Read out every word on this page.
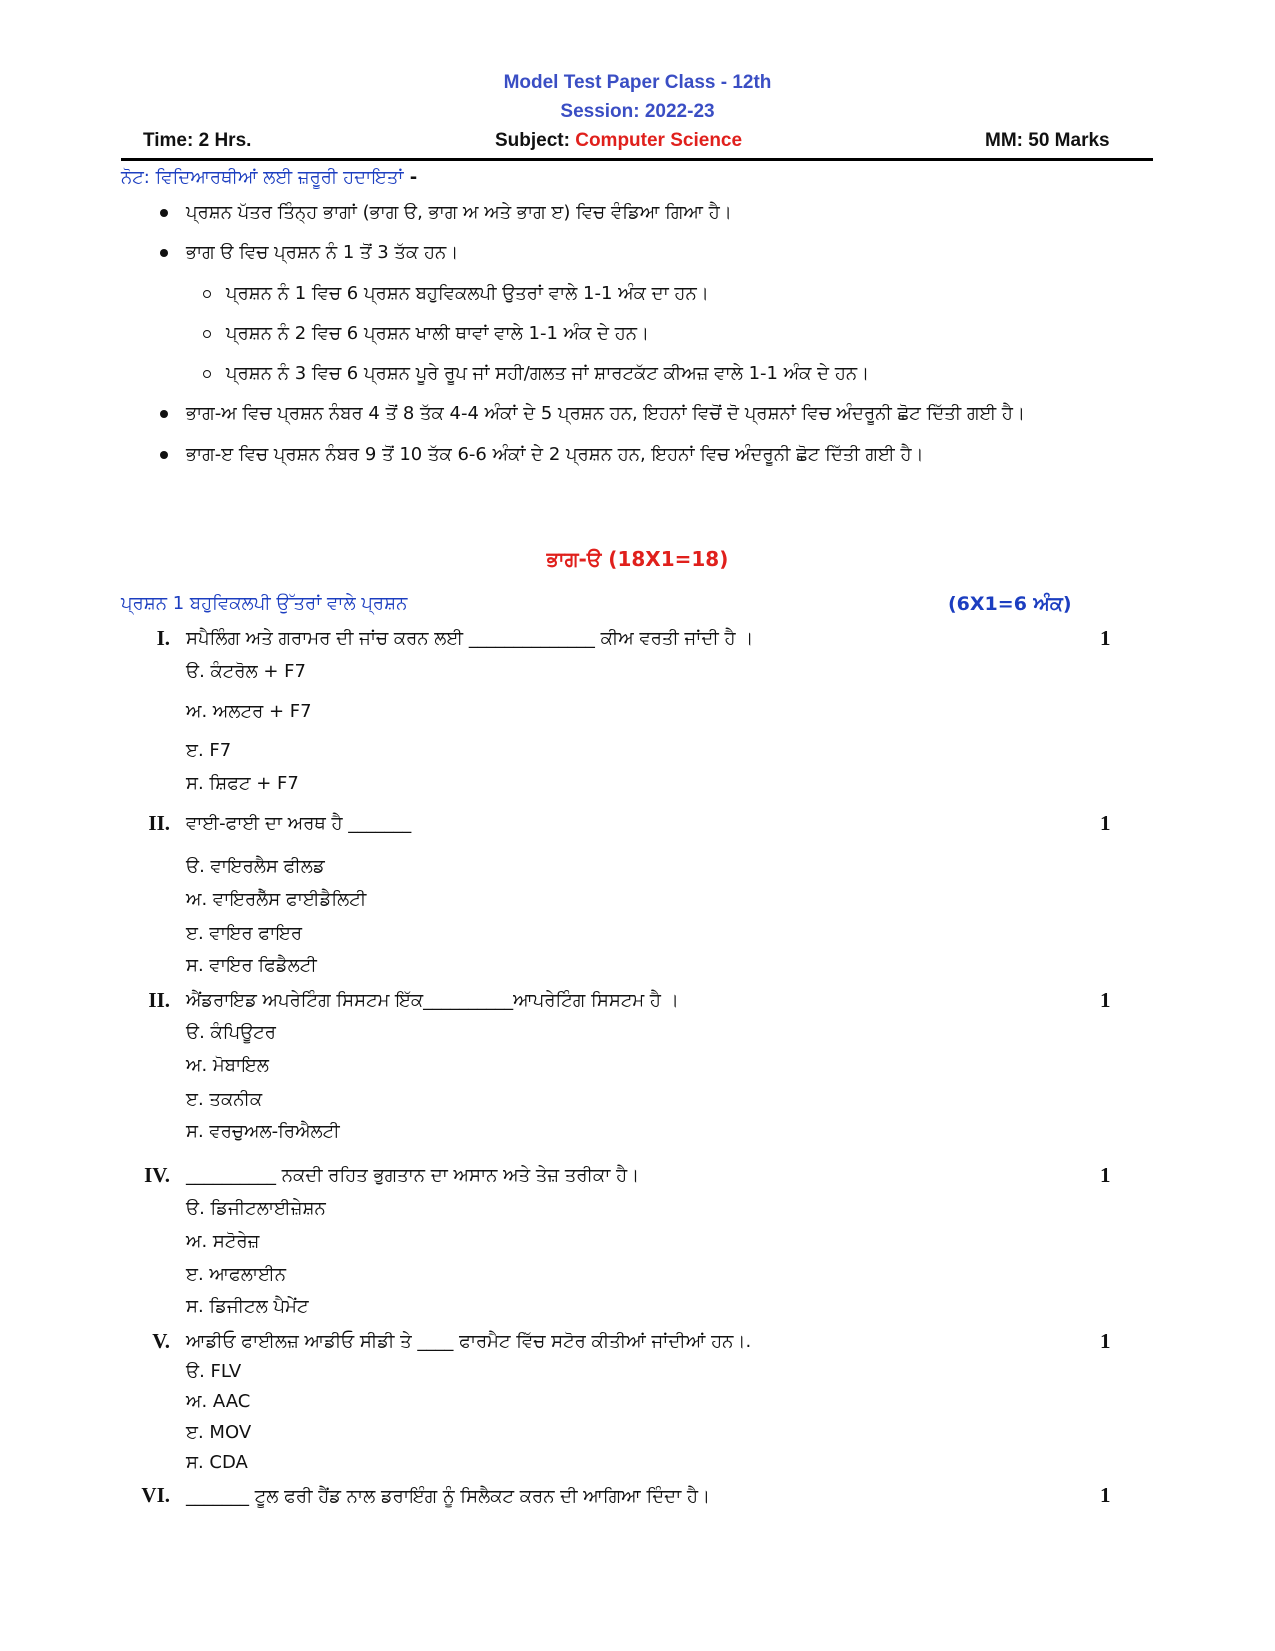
Model Test Paper Class - 12th
Session: 2022-23
Time: 2 Hrs.	Subject: Computer Science	MM: 50 Marks
ਨੋਟ: ਵਿਦਿਆਰਥੀਆਂ ਲਈ ਜ਼ਰੂਰੀ ਹਦਾਇਤਾਂ -
ਪ੍ਰਸ਼ਨ ਪੱਤਰ ਤਿੰਨ੍ਹ ਭਾਗਾਂ (ਭਾਗ ੳ, ਭਾਗ ਅ ਅਤੇ ਭਾਗ ੲ) ਵਿਚ ਵੰਡਿਆ ਗਿਆ ਹੈ।
ਭਾਗ ੳ ਵਿਚ ਪ੍ਰਸ਼ਨ ਨੰ 1 ਤੋਂ 3 ਤੱਕ ਹਨ।
ਪ੍ਰਸ਼ਨ ਨੰ 1 ਵਿਚ 6 ਪ੍ਰਸ਼ਨ ਬਹੁਵਿਕਲਪੀ ਉਤਰਾਂ ਵਾਲੇ 1-1 ਅੰਕ ਦਾ ਹਨ।
ਪ੍ਰਸ਼ਨ ਨੰ 2 ਵਿਚ 6 ਪ੍ਰਸ਼ਨ ਖਾਲੀ ਥਾਵਾਂ ਵਾਲੇ 1-1 ਅੰਕ ਦੇ ਹਨ।
ਪ੍ਰਸ਼ਨ ਨੰ 3 ਵਿਚ 6 ਪ੍ਰਸ਼ਨ ਪੂਰੇ ਰੂਪ ਜਾਂ ਸਹੀ/ਗਲਤ ਜਾਂ ਸ਼ਾਰਟਕੱਟ ਕੀਅਜ਼ ਵਾਲੇ 1-1 ਅੰਕ ਦੇ ਹਨ।
ਭਾਗ-ਅ ਵਿਚ ਪ੍ਰਸ਼ਨ ਨੰਬਰ 4 ਤੋਂ 8 ਤੱਕ 4-4 ਅੰਕਾਂ ਦੇ 5 ਪ੍ਰਸ਼ਨ ਹਨ, ਇਹਨਾਂ ਵਿਚੋਂ ਦੋ ਪ੍ਰਸ਼ਨਾਂ ਵਿਚ ਅੰਦਰੂਨੀ ਛੋਟ ਦਿੱਤੀ ਗਈ ਹੈ।
ਭਾਗ-ੲ ਵਿਚ ਪ੍ਰਸ਼ਨ ਨੰਬਰ 9 ਤੋਂ 10 ਤੱਕ 6-6 ਅੰਕਾਂ ਦੇ 2 ਪ੍ਰਸ਼ਨ ਹਨ, ਇਹਨਾਂ ਵਿਚ ਅੰਦਰੂਨੀ ਛੋਟ ਦਿੱਤੀ ਗਈ ਹੈ।
ਭਾਗ-ੳ (18X1=18)
ਪ੍ਰਸ਼ਨ 1 ਬਹੁਵਿਕਲਪੀ ਉੱਤਰਾਂ ਵਾਲੇ ਪ੍ਰਸ਼ਨ	(6X1=6 ਅੰਕ)
I. ਸਪੈਲਿੰਗ ਅਤੇ ਗਰਾਮਰ ਦੀ ਜਾਂਚ ਕਰਨ ਲਈ ______________ ਕੀਅ ਵਰਤੀ ਜਾਂਦੀ ਹੈ ।	1
ੳ. ਕੰਟਰੋਲ + F7
ਅ. ਅਲਟਰ + F7
ੲ. F7
ਸ. ਸ਼ਿਫਟ + F7
II. ਵਾਈ-ਫਾਈ ਦਾ ਅਰਥ ਹੈ _______	1
ੳ. ਵਾਇਰਲੈਸ ਫੀਲਡ
ਅ. ਵਾਇਰਲੈੱਸ ਫਾਈਡੈਲਿਟੀ
ੲ. ਵਾਇਰ ਫਾਇਰ
ਸ. ਵਾਇਰ ਫਿਡੈਲਟੀ
II. ਐਂਡਰਾਇਡ ਅਪਰੇਟਿੰਗ ਸਿਸਟਮ ਇੱਕ__________ਆਪਰੇਟਿੰਗ ਸਿਸਟਮ ਹੈ ।	1
ੳ. ਕੰਪਿਊਟਰ
ਅ. ਮੋਬਾਇਲ
ੲ. ਤਕਨੀਕ
ਸ. ਵਰਚੁਅਲ-ਰਿਐਲਟੀ
IV. __________ ਨਕਦੀ ਰਹਿਤ ਭੁਗਤਾਨ ਦਾ ਅਸਾਨ ਅਤੇ ਤੇਜ਼ ਤਰੀਕਾ ਹੈ।	1
ੳ. ਡਿਜੀਟਲਾਈਜ਼ੇਸ਼ਨ
ਅ. ਸਟੋਰੇਜ਼
ੲ. ਆਫਲਾਈਨ
ਸ. ਡਿਜੀਟਲ ਪੈਮੇਂਟ
V. ਆਡੀਓ ਫਾਈਲਜ਼ ਆਡੀਓ ਸੀਡੀ ਤੇ ____ ਫਾਰਮੈਟ ਵਿੱਚ ਸਟੋਰ ਕੀਤੀਆਂ ਜਾਂਦੀਆਂ ਹਨ।.	1
ੳ. FLV
ਅ. AAC
ੲ. MOV
ਸ. CDA
VI. _______ ਟੂਲ ਫਰੀ ਹੈਂਡ ਨਾਲ ਡਰਾਇੰਗ ਨੂੰ ਸਿਲੈਕਟ ਕਰਨ ਦੀ ਆਗਿਆ ਦਿੰਦਾ ਹੈ।	1
